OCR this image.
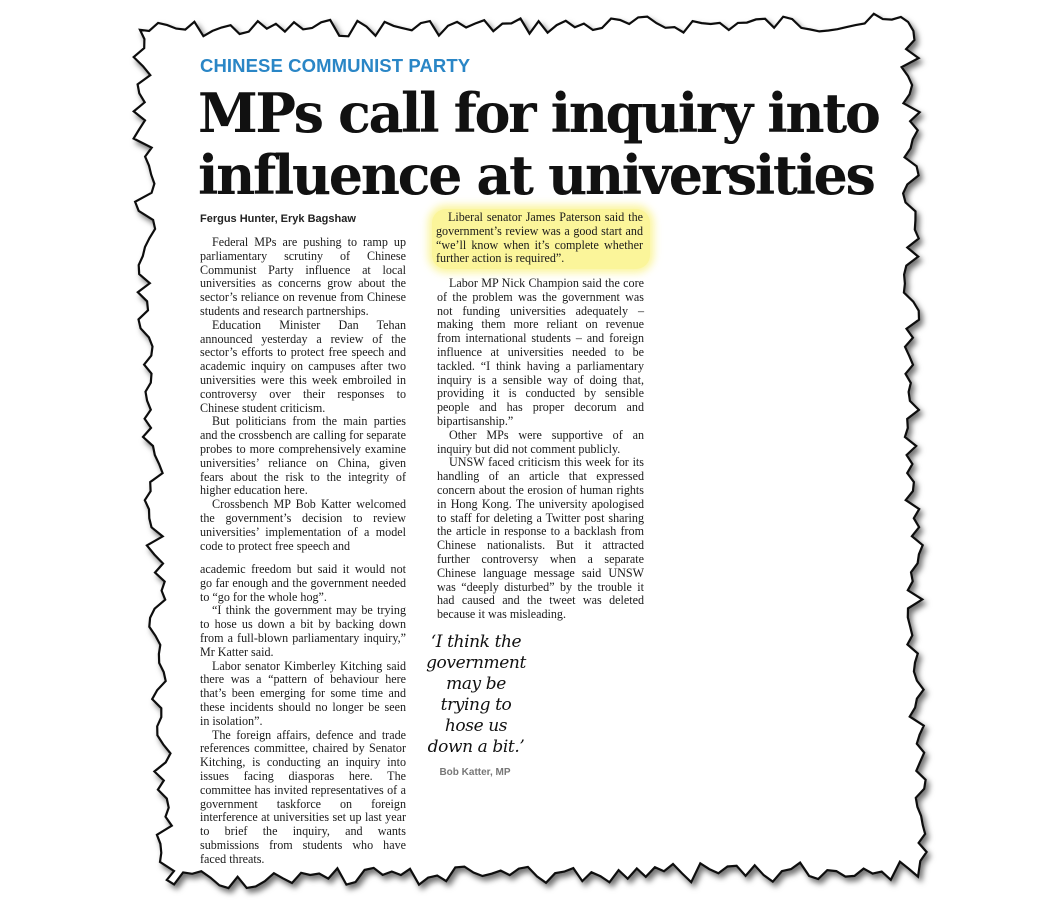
CHINESE COMMUNIST PARTY
MPs call for inquiry into influence at universities
Fergus Hunter, Eryk Bagshaw

Federal MPs are pushing to ramp up parliamentary scrutiny of Chinese Communist Party influence at local universities as concerns grow about the sector’s reliance on revenue from Chinese students and research partnerships.

Education Minister Dan Tehan announced yesterday a review of the sector’s efforts to protect free speech and academic inquiry on campuses after two universities were this week embroiled in controversy over their responses to Chinese student criticism.

But politicians from the main parties and the crossbench are calling for separate probes to more comprehensively examine universities’ reliance on China, given fears about the risk to the integrity of higher education here.

Crossbench MP Bob Katter welcomed the government’s decision to review universities’ implementation of a model code to protect free speech and

academic freedom but said it would not go far enough and the government needed to “go for the whole hog”.

“I think the government may be trying to hose us down a bit by backing down from a full-blown parliamentary inquiry,” Mr Katter said.

Labor senator Kimberley Kitching said there was a “pattern of behaviour here that’s been emerging for some time and these incidents should no longer be seen in isolation”.

The foreign affairs, defence and trade references committee, chaired by Senator Kitching, is conducting an inquiry into issues facing diasporas here. The committee has invited representatives of a government taskforce on foreign interference at universities set up last year to brief the inquiry, and wants submissions from students who have faced threats.

Liberal senator James Paterson said the government’s review was a good start and “we’ll know when it’s complete whether further action is required”.

Labor MP Nick Champion said the core of the problem was the government was not funding universities adequately – making them more reliant on revenue from international students – and foreign influence at universities needed to be tackled. “I think having a parliamentary inquiry is a sensible way of doing that, providing it is conducted by sensible people and has proper decorum and bipartisanship.”

Other MPs were supportive of an inquiry but did not comment publicly.

UNSW faced criticism this week for its handling of an article that expressed concern about the erosion of human rights in Hong Kong. The university apologised to staff for deleting a Twitter post sharing the article in response to a backlash from Chinese nationalists. But it attracted further controversy when a separate Chinese language message said UNSW was “deeply disturbed” by the trouble it had caused and the tweet was deleted because it was misleading.

‘I think the government may be trying to hose us down a bit.’
Bob Katter, MP
